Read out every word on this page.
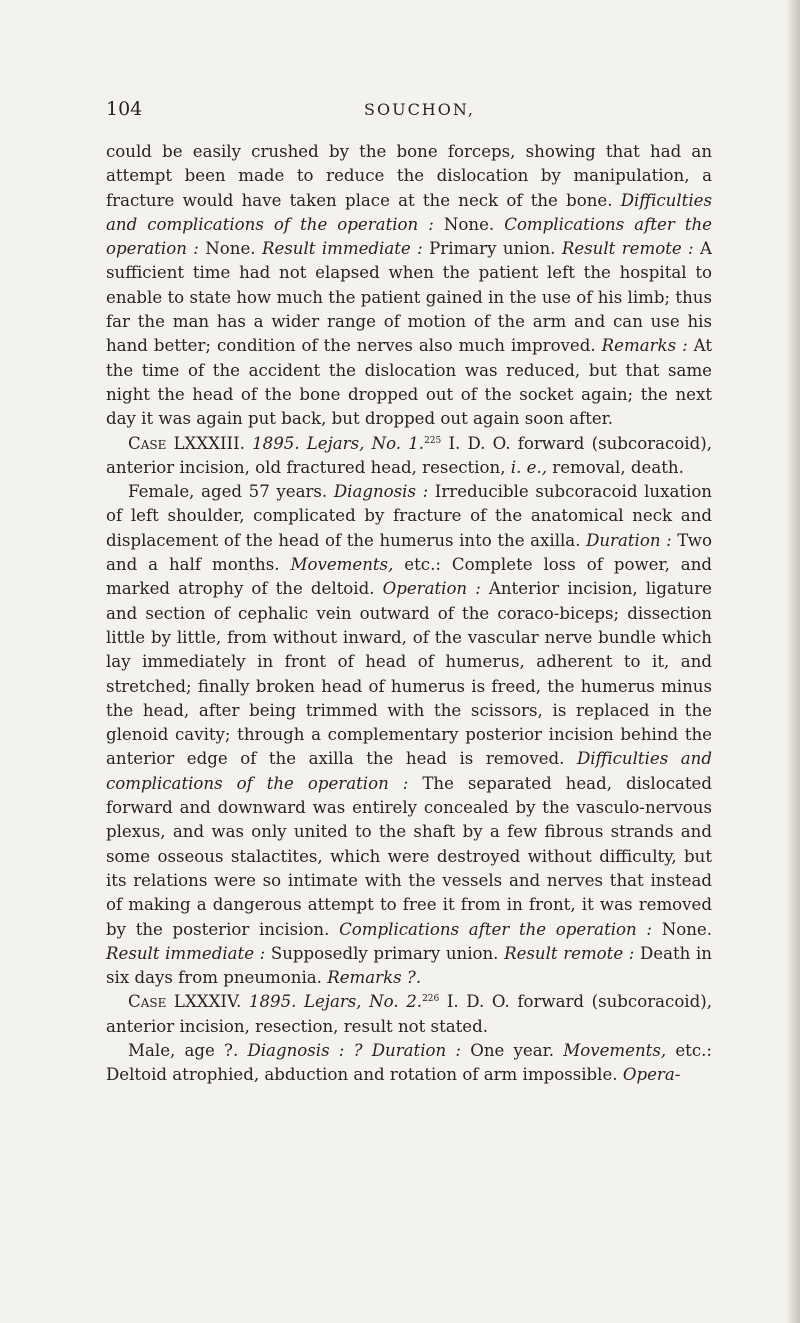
104	SOUCHON,

could be easily crushed by the bone forceps, showing that had an attempt been made to reduce the dislocation by manipulation, a fracture would have taken place at the neck of the bone. Difficulties and complications of the operation : None. Complications after the operation : None. Result immediate : Primary union. Result remote : A sufficient time had not elapsed when the patient left the hospital to enable to state how much the patient gained in the use of his limb; thus far the man has a wider range of motion of the arm and can use his hand better; condition of the nerves also much improved. Remarks : At the time of the accident the dislocation was reduced, but that same night the head of the bone dropped out of the socket again; the next day it was again put back, but dropped out again soon after.

Case LXXXIII. 1895. Lejars, No. 1.$^{225}$ I. D. O. forward (subcoracoid), anterior incision, old fractured head, resection, i. e., removal, death.

Female, aged 57 years. Diagnosis : Irreducible subcoracoid luxation of left shoulder, complicated by fracture of the anatomical neck and displacement of the head of the humerus into the axilla. Duration : Two and a half months. Movements, etc.: Complete loss of power, and marked atrophy of the deltoid. Operation : Anterior incision, ligature and section of cephalic vein outward of the coraco-biceps; dissection little by little, from without inward, of the vascular nerve bundle which lay immediately in front of head of humerus, adherent to it, and stretched; finally broken head of humerus is freed, the humerus minus the head, after being trimmed with the scissors, is replaced in the glenoid cavity; through a complementary posterior incision behind the anterior edge of the axilla the head is removed. Difficulties and complications of the operation : The separated head, dislocated forward and downward was entirely concealed by the vasculo-nervous plexus, and was only united to the shaft by a few fibrous strands and some osseous stalactites, which were destroyed without difficulty, but its relations were so intimate with the vessels and nerves that instead of making a dangerous attempt to free it from in front, it was removed by the posterior incision. Complications after the operation : None. Result immediate : Supposedly primary union. Result remote : Death in six days from pneumonia. Remarks ?.

Case LXXXIV. 1895. Lejars, No. 2.$^{226}$ I. D. O. forward (subcoracoid), anterior incision, resection, result not stated.

Male, age ?. Diagnosis : ? Duration : One year. Movements, etc.: Deltoid atrophied, abduction and rotation of arm impossible. Opera-
